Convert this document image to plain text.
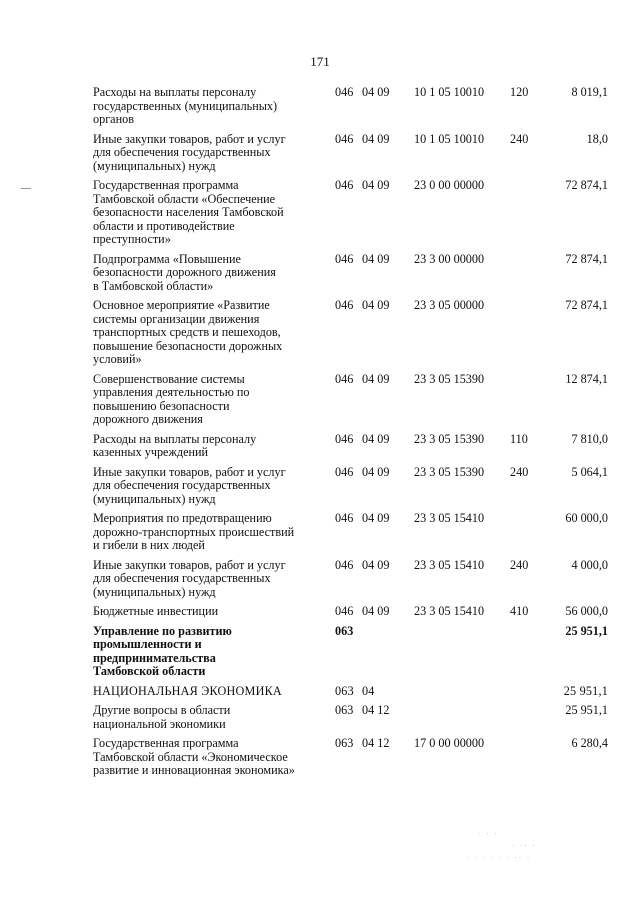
171
Расходы на выплаты персоналу
государственных (муниципальных)
органов
046 04 09 10 1 05 10010 120	8 019,1
Иные закупки товаров, работ и услуг
для обеспечения государственных
(муниципальных) нужд
046 04 09 10 1 05 10010 240	18,0
Государственная программа
Тамбовской области «Обеспечение
безопасности населения Тамбовской
области и противодействие
преступности»
046 04 09 23 0 00 00000	72 874,1
Подпрограмма «Повышение
безопасности дорожного движения
в Тамбовской области»
046 04 09 23 3 00 00000	72 874,1
Основное мероприятие «Развитие
системы организации движения
транспортных средств и пешеходов,
повышение безопасности дорожных
условий»
046 04 09 23 3 05 00000	72 874,1
Совершенствование системы
управления деятельностью по
повышению безопасности
дорожного движения
046 04 09 23 3 05 15390	12 874,1
Расходы на выплаты персоналу
казенных учреждений
046 04 09 23 3 05 15390 110	7 810,0
Иные закупки товаров, работ и услуг
для обеспечения государственных
(муниципальных) нужд
046 04 09 23 3 05 15390 240	5 064,1
Мероприятия по предотвращению
дорожно-транспортных происшествий
и гибели в них людей
046 04 09 23 3 05 15410	60 000,0
Иные закупки товаров, работ и услуг
для обеспечения государственных
(муниципальных) нужд
046 04 09 23 3 05 15410 240	4 000,0
Бюджетные инвестиции	046 04 09 23 3 05 15410 410	56 000,0
Управление по развитию
промышленности и
предпринимательства
Тамбовской области
063	25 951,1
НАЦИОНАЛЬНАЯ ЭКОНОМИКА	063 04	25 951,1
Другие вопросы в области
национальной экономики
063 04 12	25 951,1
Государственная программа
Тамбовской области «Экономическое
развитие и инновационная экономика»
063 04 12 17 0 00 00000	6 280,4
· · ·
· ·· ·
· · · · · · ·· ·
